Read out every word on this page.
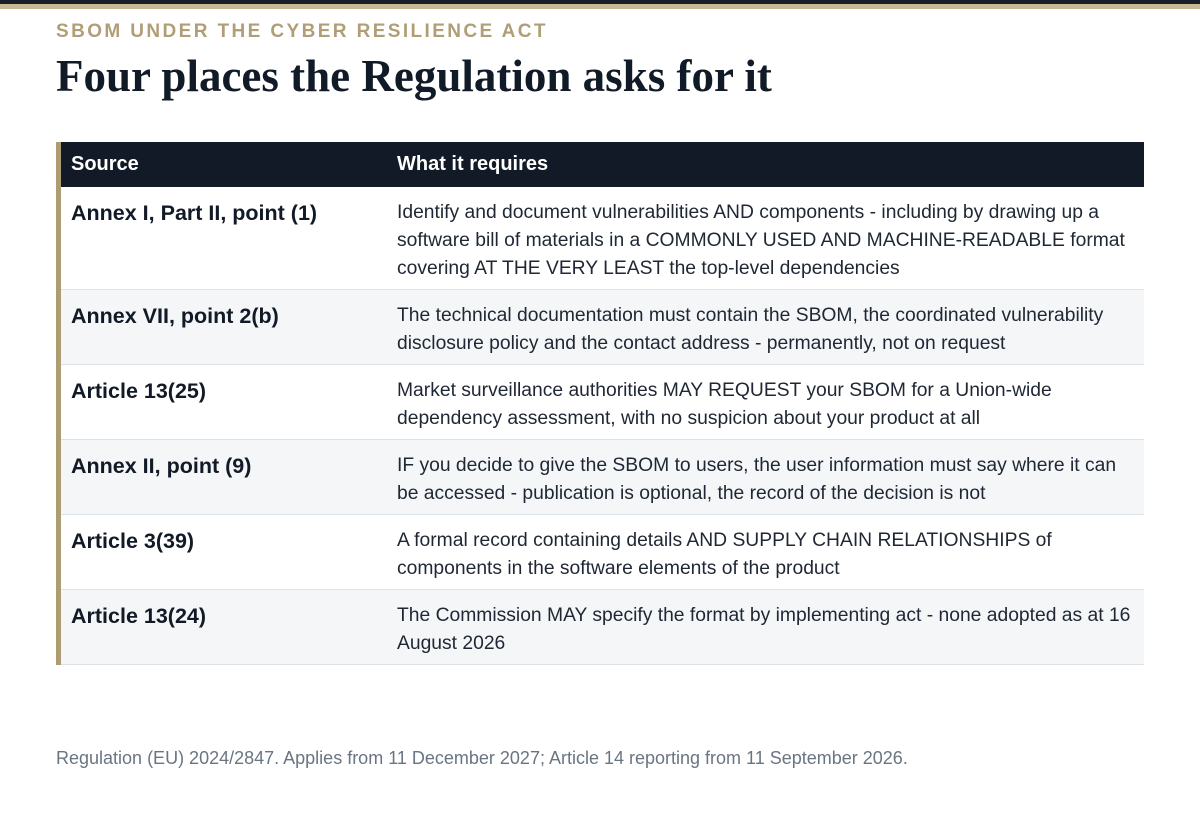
SBOM UNDER THE CYBER RESILIENCE ACT
Four places the Regulation asks for it
Source	What it requires
Annex I, Part II, point (1)	Identify and document vulnerabilities AND components - including by drawing up a software bill of materials in a COMMONLY USED AND MACHINE-READABLE format covering AT THE VERY LEAST the top-level dependencies
Annex VII, point 2(b)	The technical documentation must contain the SBOM, the coordinated vulnerability disclosure policy and the contact address - permanently, not on request
Article 13(25)	Market surveillance authorities MAY REQUEST your SBOM for a Union-wide dependency assessment, with no suspicion about your product at all
Annex II, point (9)	IF you decide to give the SBOM to users, the user information must say where it can be accessed - publication is optional, the record of the decision is not
Article 3(39)	A formal record containing details AND SUPPLY CHAIN RELATIONSHIPS of components in the software elements of the product
Article 13(24)	The Commission MAY specify the format by implementing act - none adopted as at 16 August 2026
Regulation (EU) 2024/2847. Applies from 11 December 2027; Article 14 reporting from 11 September 2026.
